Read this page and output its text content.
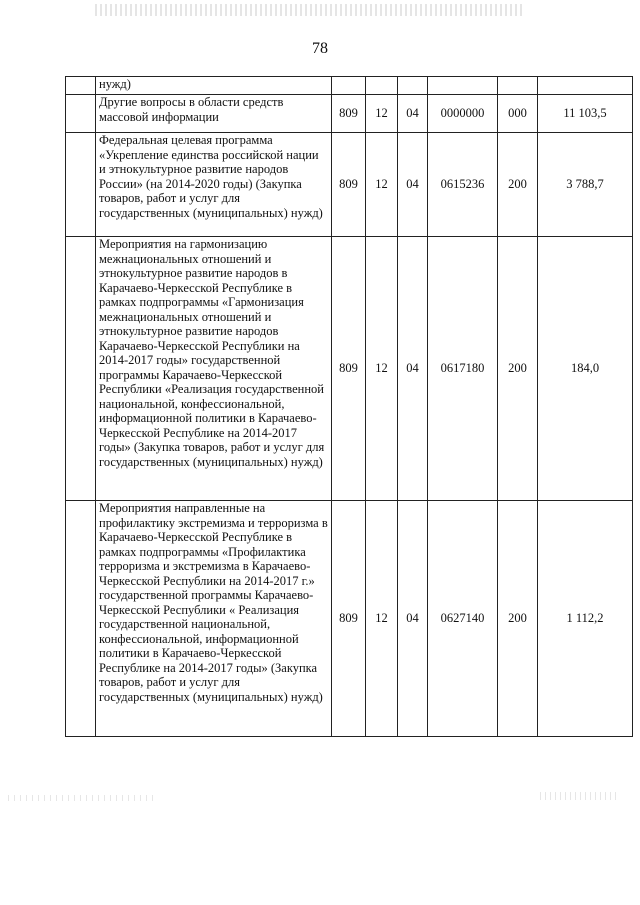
78
	нужд)						
	Другие вопросы в области средств массовой информации	809	12	04	0000000	000	11 103,5
	Федеральная целевая программа «Укрепление единства российской нации и этнокультурное развитие народов России» (на 2014-2020 годы) (Закупка товаров, работ и услуг для государственных (муниципальных) нужд)	809	12	04	0615236	200	3 788,7
	Мероприятия на гармонизацию межнациональных отношений и этнокультурное развитие народов в Карачаево-Черкесской Республике в рамках подпрограммы «Гармонизация межнациональных отношений и этнокультурное развитие народов Карачаево-Черкесской Республики на 2014-2017 годы» государственной программы Карачаево-Черкесской Республики «Реализация государственной национальной, конфессиональной, информационной политики в Карачаево-Черкесской Республике на 2014-2017 годы» (Закупка товаров, работ и услуг для государственных (муниципальных) нужд)	809	12	04	0617180	200	184,0
	Мероприятия направленные на профилактику экстремизма и терроризма в Карачаево-Черкесской Республике в рамках подпрограммы «Профилактика терроризма и экстремизма в Карачаево-Черкесской Республики на 2014-2017 г.» государственной программы Карачаево-Черкесской Республики « Реализация государственной национальной, конфессиональной, информационной политики в Карачаево-Черкесской Республике на 2014-2017 годы» (Закупка товаров, работ и услуг для государственных (муниципальных) нужд)	809	12	04	0627140	200	1 112,2
